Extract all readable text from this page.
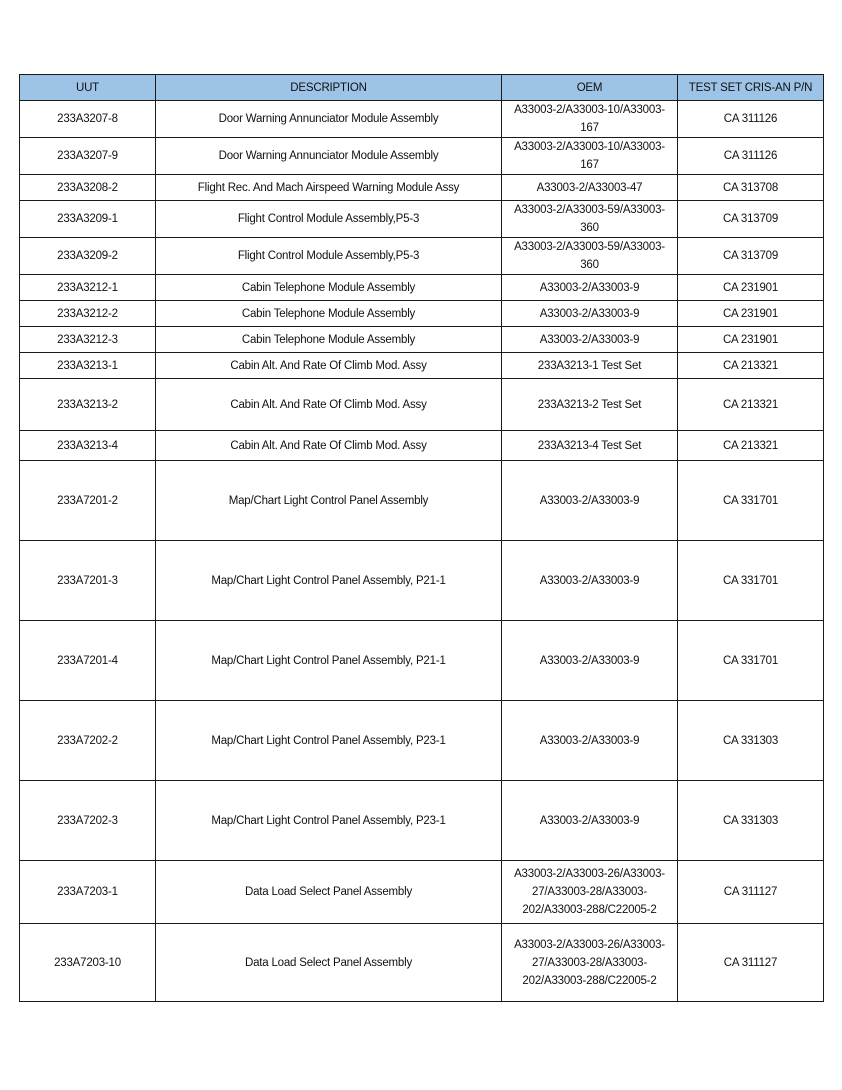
UUT	DESCRIPTION	OEM	TEST SET CRIS-AN P/N
233A3207-8	Door Warning Annunciator Module Assembly	A33003-2/A33003-10/A33003-167	CA 311126
233A3207-9	Door Warning Annunciator Module Assembly	A33003-2/A33003-10/A33003-167	CA 311126
233A3208-2	Flight Rec. And Mach Airspeed Warning Module Assy	A33003-2/A33003-47	CA 313708
233A3209-1	Flight Control Module Assembly,P5-3	A33003-2/A33003-59/A33003-360	CA 313709
233A3209-2	Flight Control Module Assembly,P5-3	A33003-2/A33003-59/A33003-360	CA 313709
233A3212-1	Cabin Telephone Module Assembly	A33003-2/A33003-9	CA 231901
233A3212-2	Cabin Telephone Module Assembly	A33003-2/A33003-9	CA 231901
233A3212-3	Cabin Telephone Module Assembly	A33003-2/A33003-9	CA 231901
233A3213-1	Cabin Alt. And Rate Of Climb Mod. Assy	233A3213-1 Test Set	CA 213321
233A3213-2	Cabin Alt. And Rate Of Climb Mod. Assy	233A3213-2 Test Set	CA 213321
233A3213-4	Cabin Alt. And Rate Of Climb Mod. Assy	233A3213-4 Test Set	CA 213321
233A7201-2	Map/Chart Light Control Panel Assembly	A33003-2/A33003-9	CA 331701
233A7201-3	Map/Chart Light Control Panel Assembly, P21-1	A33003-2/A33003-9	CA 331701
233A7201-4	Map/Chart Light Control Panel Assembly, P21-1	A33003-2/A33003-9	CA 331701
233A7202-2	Map/Chart Light Control Panel Assembly, P23-1	A33003-2/A33003-9	CA 331303
233A7202-3	Map/Chart Light Control Panel Assembly, P23-1	A33003-2/A33003-9	CA 331303
233A7203-1	Data Load Select Panel Assembly	A33003-2/A33003-26/A33003-27/A33003-28/A33003-202/A33003-288/C22005-2	CA 311127
233A7203-10	Data Load Select Panel Assembly	A33003-2/A33003-26/A33003-27/A33003-28/A33003-202/A33003-288/C22005-2	CA 311127
